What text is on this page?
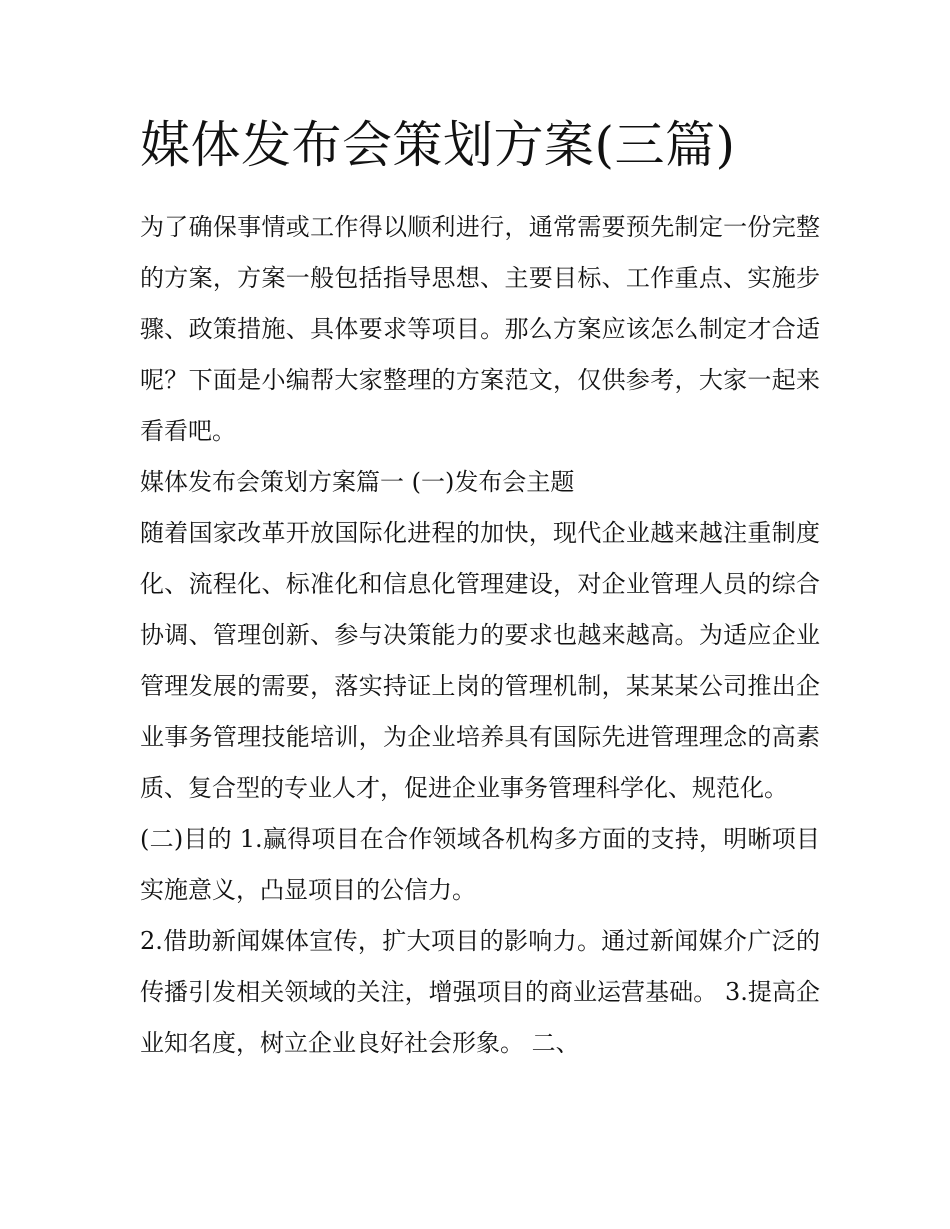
媒体发布会策划方案(三篇)

为了确保事情或工作得以顺利进行，通常需要预先制定一份完整的方案，方案一般包括指导思想、主要目标、工作重点、实施步骤、政策措施、具体要求等项目。那么方案应该怎么制定才合适呢？下面是小编帮大家整理的方案范文，仅供参考，大家一起来看看吧。

媒体发布会策划方案篇一 (一)发布会主题

随着国家改革开放国际化进程的加快，现代企业越来越注重制度化、流程化、标准化和信息化管理建设，对企业管理人员的综合协调、管理创新、参与决策能力的要求也越来越高。为适应企业管理发展的需要，落实持证上岗的管理机制，某某某公司推出企业事务管理技能培训，为企业培养具有国际先进管理理念的高素质、复合型的专业人才，促进企业事务管理科学化、规范化。

(二)目的 1.赢得项目在合作领域各机构多方面的支持，明晰项目实施意义，凸显项目的公信力。

2.借助新闻媒体宣传，扩大项目的影响力。通过新闻媒介广泛的传播引发相关领域的关注，增强项目的商业运营基础。 3.提高企业知名度，树立企业良好社会形象。 二、
